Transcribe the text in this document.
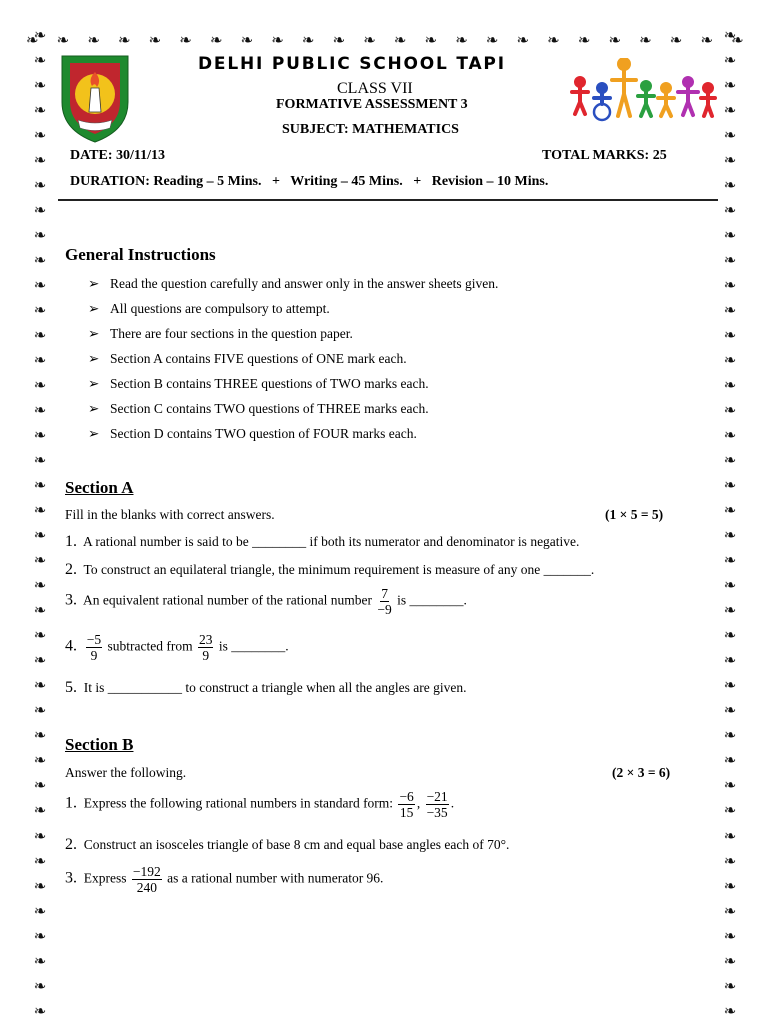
❧ ❧ ❧ ❧ ❧ ❧ ❧ ❧ ❧ ❧ ❧ ❧ ❧ ❧ ❧ ❧ ❧ ❧ ❧ ❧ ❧ ❧ ❧ ❧
❧
❧
❧
❧
❧
❧
❧
❧
❧
❧
❧
❧
❧
❧
❧
❧
❧
❧
❧
❧
❧
❧
❧
❧
❧
❧
❧
❧
❧
❧
❧
❧
❧
❧
❧
❧
❧
❧
❧
❧
❧
❧
❧
❧
❧
❧
❧
❧
❧
❧
❧
❧
❧
❧
❧
❧
❧
❧
❧
❧
❧
❧
❧
❧
❧
❧
❧
❧
❧
❧
❧
❧
❧
❧
❧
❧
❧
❧
❧
❧
DELHI PUBLIC SCHOOL TAPI
CLASS VII
FORMATIVE ASSESSMENT 3
SUBJECT: MATHEMATICS
DATE: 30/11/13	TOTAL MARKS: 25
DURATION: Reading – 5 Mins.   +   Writing – 45 Mins.   +   Revision – 10 Mins.
General Instructions
➢ Read the question carefully and answer only in the answer sheets given.
➢ All questions are compulsory to attempt.
➢ There are four sections in the question paper.
➢ Section A contains FIVE questions of ONE mark each.
➢ Section B contains THREE questions of TWO marks each.
➢ Section C contains TWO questions of THREE marks each.
➢ Section D contains TWO question of FOUR marks each.
Section A
Fill in the blanks with correct answers.	(1 × 5 = 5)
1. A rational number is said to be ________ if both its numerator and denominator is negative.
2. To construct an equilateral triangle, the minimum requirement is measure of any one _______.
3. An equivalent rational number of the rational number $\frac{7}{-9}$ is ________.
4. $\frac{-5}{9}$ subtracted from $\frac{23}{9}$ is ________.
5. It is ___________ to construct a triangle when all the angles are given.
Section B
Answer the following.	(2 × 3 = 6)
1. Express the following rational numbers in standard form: $\frac{-6}{15}$ , $\frac{-21}{-35}$ .
2. Construct an isosceles triangle of base 8 cm and equal base angles each of 70°.
3. Express $\frac{-192}{240}$ as a rational number with numerator 96.
